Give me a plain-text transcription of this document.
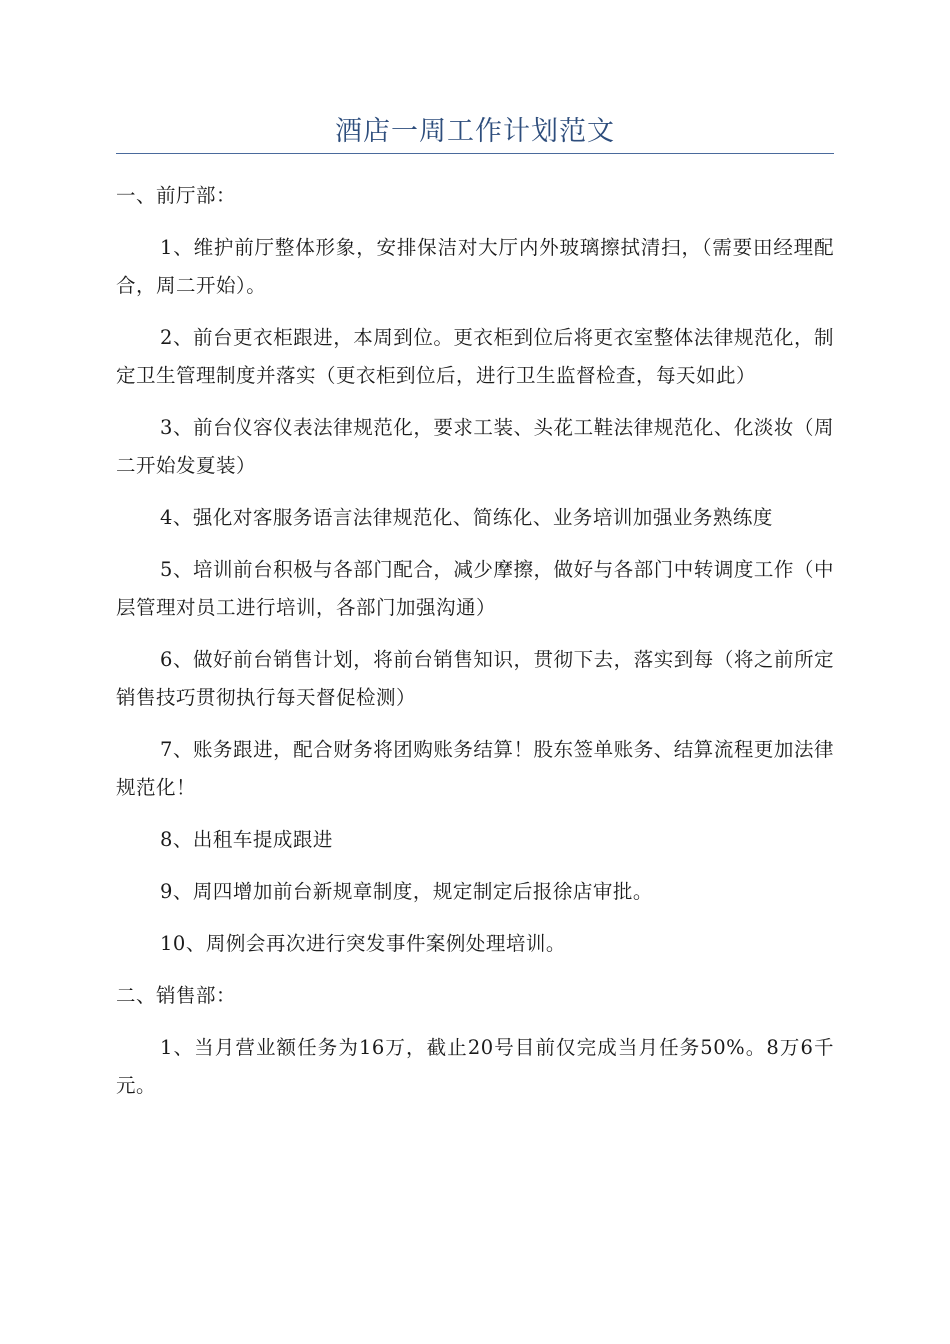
酒店一周工作计划范文
一、前厅部：

1、维护前厅整体形象，安排保洁对大厅内外玻璃擦拭清扫，（需要田经理配合，周二开始）。

2、前台更衣柜跟进，本周到位。更衣柜到位后将更衣室整体法律规范化，制定卫生管理制度并落实（更衣柜到位后，进行卫生监督检查，每天如此）

3、前台仪容仪表法律规范化，要求工装、头花工鞋法律规范化、化淡妆（周二开始发夏装）

4、强化对客服务语言法律规范化、简练化、业务培训加强业务熟练度

5、培训前台积极与各部门配合，减少摩擦，做好与各部门中转调度工作（中层管理对员工进行培训，各部门加强沟通）

6、做好前台销售计划，将前台销售知识，贯彻下去，落实到每（将之前所定销售技巧贯彻执行每天督促检测）

7、账务跟进，配合财务将团购账务结算！股东签单账务、结算流程更加法律规范化！

8、出租车提成跟进

9、周四增加前台新规章制度，规定制定后报徐店审批。

10、周例会再次进行突发事件案例处理培训。

二、销售部：

1、当月营业额任务为16万，截止20号目前仅完成当月任务50%。8万6千元。
